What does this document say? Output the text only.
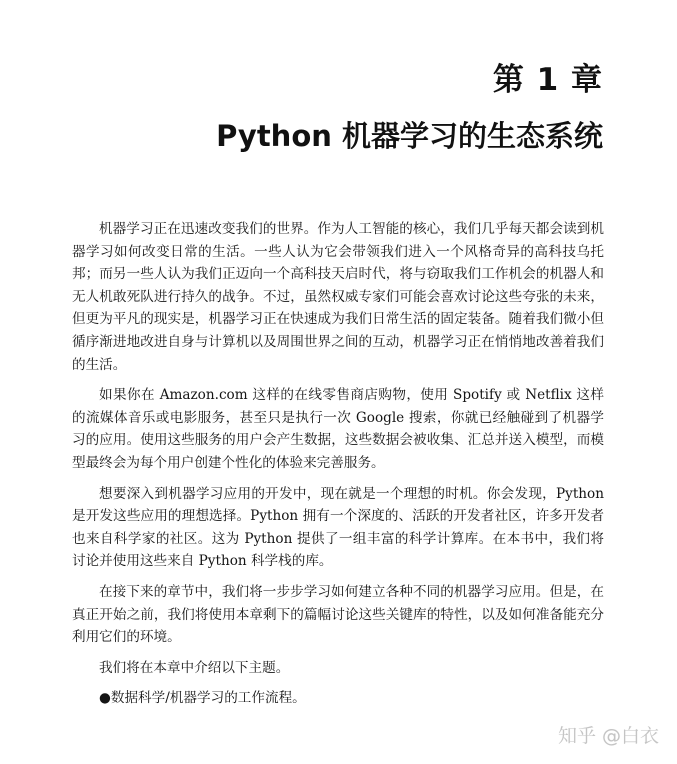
第 1 章
Python 机器学习的生态系统

机器学习正在迅速改变我们的世界。作为人工智能的核心，我们几乎每天都会读到机器学习如何改变日常的生活。一些人认为它会带领我们进入一个风格奇异的高科技乌托邦；而另一些人认为我们正迈向一个高科技天启时代，将与窃取我们工作机会的机器人和无人机敢死队进行持久的战争。不过，虽然权威专家们可能会喜欢讨论这些夸张的未来，但更为平凡的现实是，机器学习正在快速成为我们日常生活的固定装备。随着我们微小但循序渐进地改进自身与计算机以及周围世界之间的互动，机器学习正在悄悄地改善着我们的生活。

如果你在 Amazon.com 这样的在线零售商店购物，使用 Spotify 或 Netflix 这样的流媒体音乐或电影服务，甚至只是执行一次 Google 搜索，你就已经触碰到了机器学习的应用。使用这些服务的用户会产生数据，这些数据会被收集、汇总并送入模型，而模型最终会为每个用户创建个性化的体验来完善服务。

想要深入到机器学习应用的开发中，现在就是一个理想的时机。你会发现，Python 是开发这些应用的理想选择。Python 拥有一个深度的、活跃的开发者社区，许多开发者也来自科学家的社区。这为 Python 提供了一组丰富的科学计算库。在本书中，我们将讨论并使用这些来自 Python 科学栈的库。

在接下来的章节中，我们将一步步学习如何建立各种不同的机器学习应用。但是，在真正开始之前，我们将使用本章剩下的篇幅讨论这些关键库的特性，以及如何准备能充分利用它们的环境。

我们将在本章中介绍以下主题。

●数据科学/机器学习的工作流程。

知乎 @白衣
